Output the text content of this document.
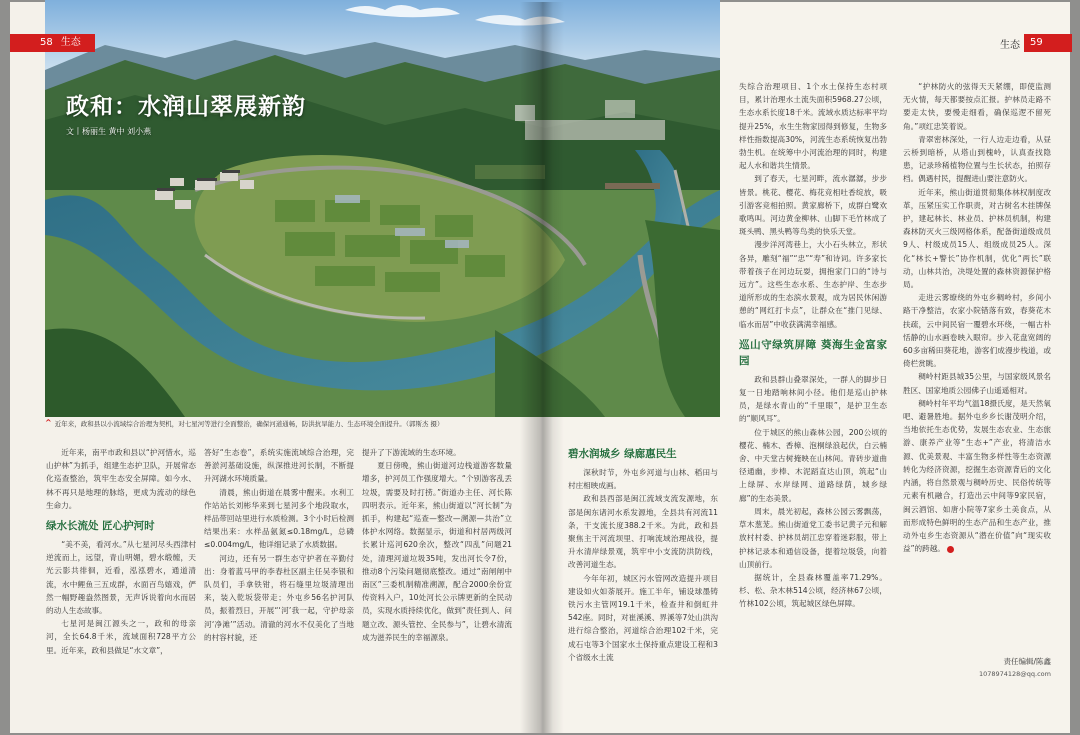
58 生态	生态	59
政和：水润山翠展新韵
文丨杨丽生 黄中 刘小燕
^ 近年来，政和县以小流域综合治理为契机，对七星河等进行全面整治，确保河道通畅，防洪抗旱能力、生态环境全面提升。（郭斯杰 摄）

近年来，南平市政和县以“护河惜水，巡山护林”为抓手，组建生态护卫队，开展常态化巡查整治，筑牢生态安全屏障。如今水、林不再只是地理的脉络，更成为流动的绿色生命力。

绿水长流处 匠心护河时

“美不美，看河水。”从七星河尽头西津村逆流而上，远望，青山明媚，碧水缎缠，天光云影共徘徊，近看，泓泓碧水，通道清流，水中鲤鱼三五成群，水面百鸟嬉戏，俨然一幅野趣盎然图景，无声诉说着向水而居的动人生态故事。

七星河是闽江源头之一，政和的母亲河，全长64.8千米，流域面积728平方公里。近年来，政和县做足“水文章”，

答好“生态卷”，系统实施流域综合治理，完善淤河基础设施，纵深推进河长制，不断提升河湖水环境质量。

清晨，熊山街道在晨雾中醒来。水利工作站站长刘彬华来到七星河多个地段取水，样品带回站里进行水质检测。3个小时后检测结果出来：水样品氨氮≤0.18mg/L，总磷≤0.004mg/L，他详细记录了水质数据。

河边，还有另一群生态守护者在辛勤付出：身着蓝马甲的李春杜区副主任吴李银和队员们，手拿铁钳，将石缝里垃圾清理出来，装入乾坂袋带走；外屯乡56名护河队员，振着烈日，开展“‘河’我一起，守护母亲河‘净滩’”活动。清澈的河水不仅美化了当地的村容村貌，还

提升了下游流域的生态环境。

夏日傍晚，熊山街道河边栈道游客数量增多，护河员工作强度增大。“个别游客乱丢垃圾，需要及时打捞。”街道办主任、河长陈四明表示。近年来，熊山街道以“河长制”为抓手，构建起“巡查—整改—溯源—共治”立体护水网络。数据显示，街道和村居两级河长累计巡河620余次，整改“四乱”问题21处，清理河道垃圾35吨，发出河长令7份，推动8个污染问题彻底整改。通过“南闸闸中南区”三委机制精准溯源，配合2000余份宣传资料入户，10处河长公示牌更新的全民动员，实现水质持续优化，做到“责任到人、问题立改、源头管控、全民参与”，让碧水清流成为滋养民生的幸福源泉。

碧水润城乡 绿廊惠民生

深秋时节，外屯乡河道与山林、稻田与村庄相映成画。

政和县西部是闽江流域支流发源地，东部是闽东诸河水系发源地，全县共有河流11条，干支流长度388.2千米。为此，政和县聚焦主干河流坝里、打响流域治理战役，提升水清岸绿景观，筑牢中小支流防洪防线，改善河道生态。

今年年初，城区污水管网改造提升项目建设如火如荼展开。施工半年，铺设球墨铸铁污水主管网19.1千米，检查井和倒虹井542座。同时，对崔溪溪、界溪等7处山洪沟进行综合整治，河道综合治理102千米，完成石屯等3个国家水土保持重点建设工程和3个省级水土流

失综合治理项目、1个水土保持生态村项目，累计治理水土流失面积5968.27公顷，生态水系长度18千米。流域水质达标率平均提升25%，水生生物家园得到修复，生物多样性指数提高30%，河流生态系统恢复出勃勃生机。在统筹中小河流治理的同时，构建起人水和谐共生情景。

到了春天，七星河畔，流水潺潺，步步皆景。桃花、樱花、梅花竞相吐香绽放，吸引游客竞相拍照。黄家廊桥下，成群白鹭欢歌鸣叫。河边黄金柳林、山脚下毛竹林成了斑头鸭、黑头鸭等鸟类的快乐天堂。

漫步洋河湾巷上，大小石头林立，形状各异，雕刻“福”“忠”“寿”和诗词。许多家长带着孩子在河边玩耍，拥抱家门口的“诗与远方”。这些生态水系、生态护岸、生态步道所形成的生态滨水景观，成为居民休闲游憩的“网红打卡点”，让群众在“推门见绿、临水而居”中收获满满幸福感。

巡山守绿筑屏障 葵海生金富家园

政和县群山叠翠深处，一群人的脚步日复一日地踏响林间小径。他们是巡山护林员，是绿水青山的“千里眼”，是护卫生态的“顺风耳”。

位于城区的熊山森林公园，200公顷的樱花、楠木、香樟、泡桐绿浪起伏，白云楠舍、中天堂古树掩映在山林间。青砖步道曲径通幽，步棒、木泥蹈直达山顶，筑起“山上绿屏、水岸绿网、道路绿荫，城乡绿廊”的生态美景。

周末，晨光初起，森林公园云雾飘荡，草木葱茏。熊山街道党工委书记黄子元和解放村村委、护林员胡江忠穿着迷彩服，带上护林记录本和通信设备，提着垃圾袋，向着山顶前行。

据统计，全县森林覆盖率71.29%。杉、松、杂木林514公顷，经济林67公顷，竹林102公顷，筑起城区绿色屏障。

“护林防火的弦得天天紧绷，即使监测无火情，每天都要按点汇报。护林员走路不要走太快，要慢走细看，确保巡逻不留死角。”项红忠笑着说。

青翠密林深处，一行人边走边看，从昼云桥到暗桥，从塔山到槐岭，认真查找隐患，记录珍稀植物位置与生长状态，拍照存档。偶遇村民，提醒进山要注意防火。

近年来，熊山街道贯彻集体林权制度改革，压紧压实工作职责，对古树名木挂牌保护，建起林长、林业员、护林员机制，构建森林防灭火三级网格体系，配备街道级成员9人、村级成员15人、组级成员25人。深化“林长+警长”协作机制，优化“两长”联动，山林共治，决堤处置的森林资源保护格局。

走进云雾缭绕的外屯乡稠岭村，乡间小路干净整洁，农家小院错落有致，春葵花木扶疏，云中间民宿一覆碧水环绕，一幅古朴恬静的山水画卷映入眼帘。步入花盘宽阔的60多亩稀田葵花地，游客们成漫步栈道，或倚栏赏眺。

稠岭村距县城35公里，与国家级风景名胜区、国家地质公园佛子山遥遥相对。

稠岭村年平均气温18摄氏度，是天然氧吧、避暑胜地。据外屯乡乡长谢茂明介绍，当地依托生态优势，发展生态农业、生态旅游、康养产业等“生态+”产业，将清洁水源、优美景观、丰富生物多样性等生态资源转化为经济资源，挖掘生态资源背后的文化内涵，将自然景观与稠岭历史、民俗传统等元素有机融合，打造出云中间等9家民宿，闽云酒馆、如唐小院等7家乡土美食点，从而形成特色鲜明的生态产品和生态产业，推动外屯乡生态资源从“潜在价值”向“现实收益”的跨越。

责任编辑/陈鑫
1078974128@qq.com
